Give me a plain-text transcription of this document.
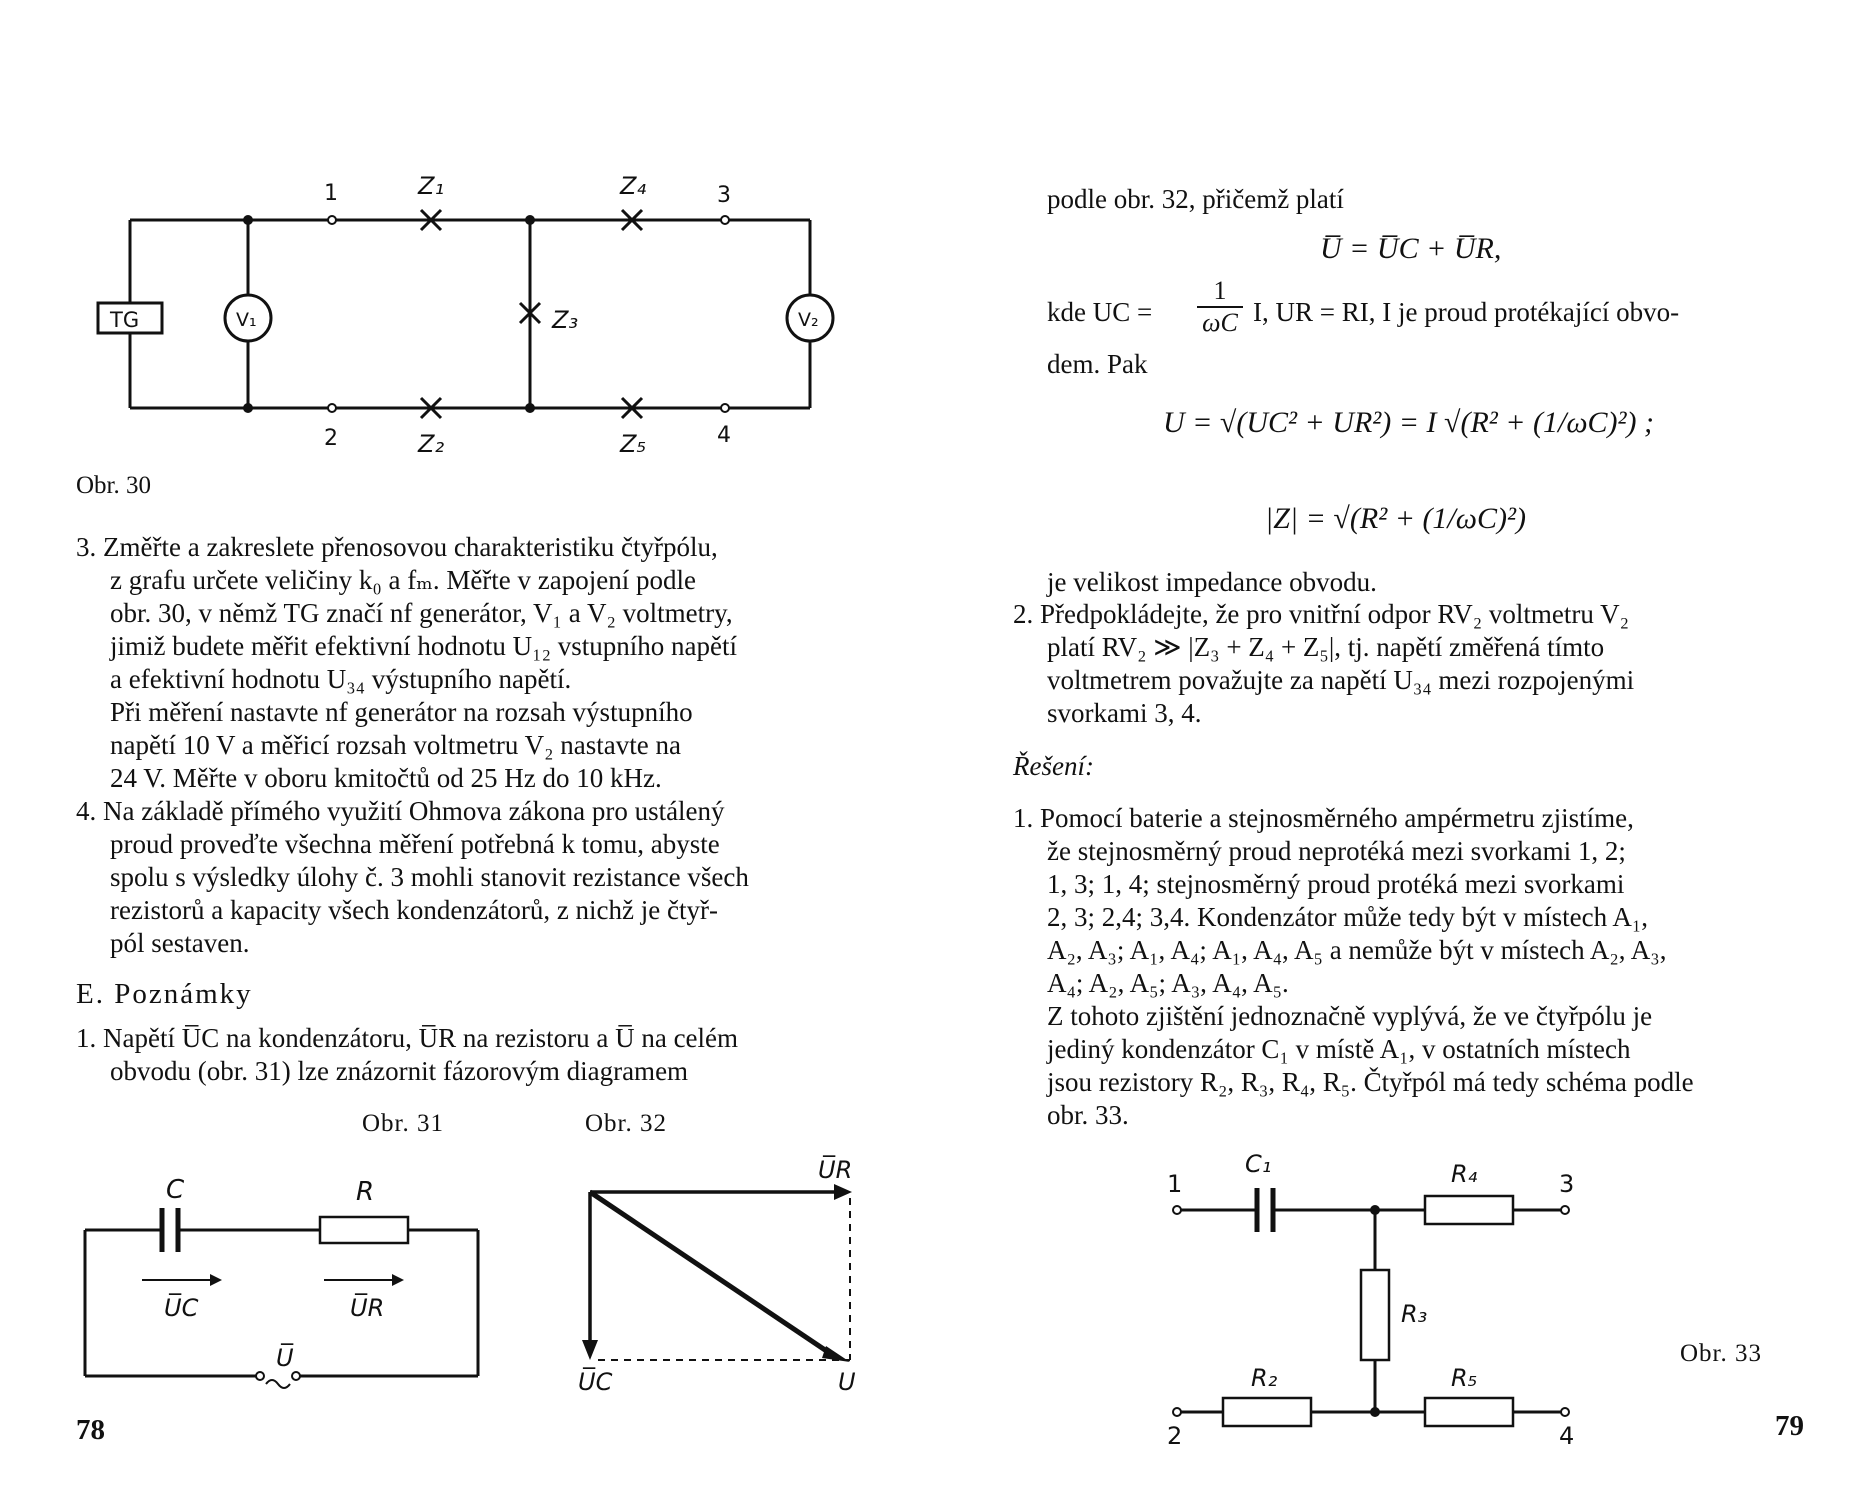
1
2
3
4
Z₁
Z₂
Z₃
Z₄
Z₅
TG	V₁	V₂
Obr. 30
3. Změřte a zakreslete přenosovou charakteristiku čtyřpólu,
z grafu určete veličiny k₀ a fₘ. Měřte v zapojení podle
obr. 30, v němž TG značí nf generátor, V₁ a V₂ voltmetry,
jimiž budete měřit efektivní hodnotu U₁₂ vstupního napětí
a efektivní hodnotu U₃₄ výstupního napětí.
Při měření nastavte nf generátor na rozsah výstupního
napětí 10 V a měřicí rozsah voltmetru V₂ nastavte na
24 V. Měřte v oboru kmitočtů od 25 Hz do 10 kHz.
4. Na základě přímého využití Ohmova zákona pro ustálený
proud proveďte všechna měření potřebná k tomu, abyste
spolu s výsledky úlohy č. 3 mohli stanovit rezistance všech
rezistorů a kapacity všech kondenzátorů, z nichž je čtyř-
pól sestaven.
E. Poznámky
1. Napětí U̅C na kondenzátoru, U̅R na rezistoru a U̅ na celém
obvodu (obr. 31) lze znázornit fázorovým diagramem
Obr. 31	Obr. 32
C	R
U̅C	U̅R
U̅
U̅R
U̅C	U
78
podle obr. 32, přičemž platí
U̅ = U̅C + U̅R,
kde UC = $\frac{1}{\omega C} I$, UR = RI, I je proud protékající obvo-
dem. Pak
U = √(UC² + UR²) = I √(R² + (1/ωC)²) ;
|Z| = √(R² + (1/ωC)²)
je velikost impedance obvodu.
2. Předpokládejte, že pro vnitřní odpor RV₂ voltmetru V₂
platí RV₂ ≫ |Z₃ + Z₄ + Z₅|, tj. napětí změřená tímto
voltmetrem považujte za napětí U₃₄ mezi rozpojenými
svorkami 3, 4.
Řešení:
1. Pomocí baterie a stejnosměrného ampérmetru zjistíme,
že stejnosměrný proud neprotéká mezi svorkami 1, 2;
1, 3; 1, 4; stejnosměrný proud protéká mezi svorkami
2, 3; 2,4; 3,4. Kondenzátor může tedy být v místech A₁,
A₂, A₃; A₁, A₄; A₁, A₄, A₅ a nemůže být v místech A₂, A₃,
A₄; A₂, A₅; A₃, A₄, A₅.
Z tohoto zjištění jednoznačně vyplývá, že ve čtyřpólu je
jediný kondenzátor C₁ v místě A₁, v ostatních místech
jsou rezistory R₂, R₃, R₄, R₅. Čtyřpól má tedy schéma podle
obr. 33.
1
2
3
4
C₁	R₄
R₃
R₂	R₅
Obr. 33
79
